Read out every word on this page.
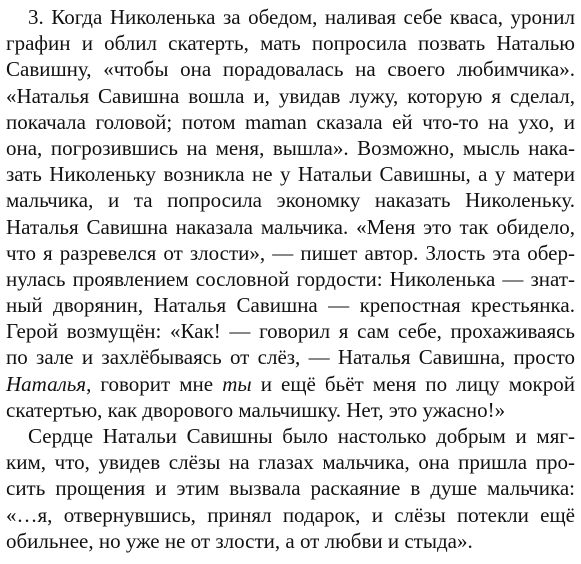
3. Когда Николенька за обедом, наливая себе кваса, уронил
графин и облил скатерть, мать попросила позвать Наталью
Савишну, «чтобы она порадовалась на своего любимчика».
«Наталья Савишна вошла и, увидав лужу, которую я сделал,
покачала головой; потом maman сказала ей что-то на ухо, и
она, погрозившись на меня, вышла». Возможно, мысль нака-
зать Николеньку возникла не у Натальи Савишны, а у матери
мальчика, и та попросила экономку наказать Николеньку.
Наталья Савишна наказала мальчика. «Меня это так обидело,
что я разревелся от злости», — пишет автор. Злость эта обер-
нулась проявлением сословной гордости: Николенька — знат-
ный дворянин, Наталья Савишна — крепостная крестьянка.
Герой возмущён: «Как! — говорил я сам себе, прохаживаясь
по зале и захлёбываясь от слёз, — Наталья Савишна, просто
Наталья, говорит мне ты и ещё бьёт меня по лицу мокрой
скатертью, как дворового мальчишку. Нет, это ужасно!»
Сердце Натальи Савишны было настолько добрым и мяг-
ким, что, увидев слёзы на глазах мальчика, она пришла про-
сить прощения и этим вызвала раскаяние в душе мальчика:
«…я, отвернувшись, принял подарок, и слёзы потекли ещё
обильнее, но уже не от злости, а от любви и стыда».
